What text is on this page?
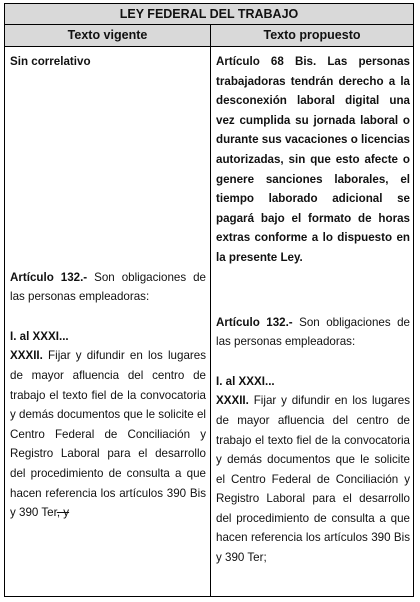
LEY FEDERAL DEL TRABAJO
Texto vigente	Texto propuesto

Sin correlativo

Artículo 132.- Son obligaciones de las personas empleadoras:

I. al XXXI...

XXXII. Fijar y difundir en los lugares de mayor afluencia del centro de trabajo el texto fiel de la convocatoria y demás documentos que le solicite el Centro Federal de Conciliación y Registro Laboral para el desarrollo del procedimiento de consulta a que hacen referencia los artículos 390 Bis y 390 Ter, y

Artículo 68 Bis. Las personas trabajadoras tendrán derecho a la desconexión laboral digital una vez cumplida su jornada laboral o durante sus vacaciones o licencias autorizadas, sin que esto afecte o genere sanciones laborales, el tiempo laborado adicional se pagará bajo el formato de horas extras conforme a lo dispuesto en la presente Ley.

Artículo 132.- Son obligaciones de las personas empleadoras:

I. al XXXI...

XXXII. Fijar y difundir en los lugares de mayor afluencia del centro de trabajo el texto fiel de la convocatoria y demás documentos que le solicite el Centro Federal de Conciliación y Registro Laboral para el desarrollo del procedimiento de consulta a que hacen referencia los artículos 390 Bis y 390 Ter;
